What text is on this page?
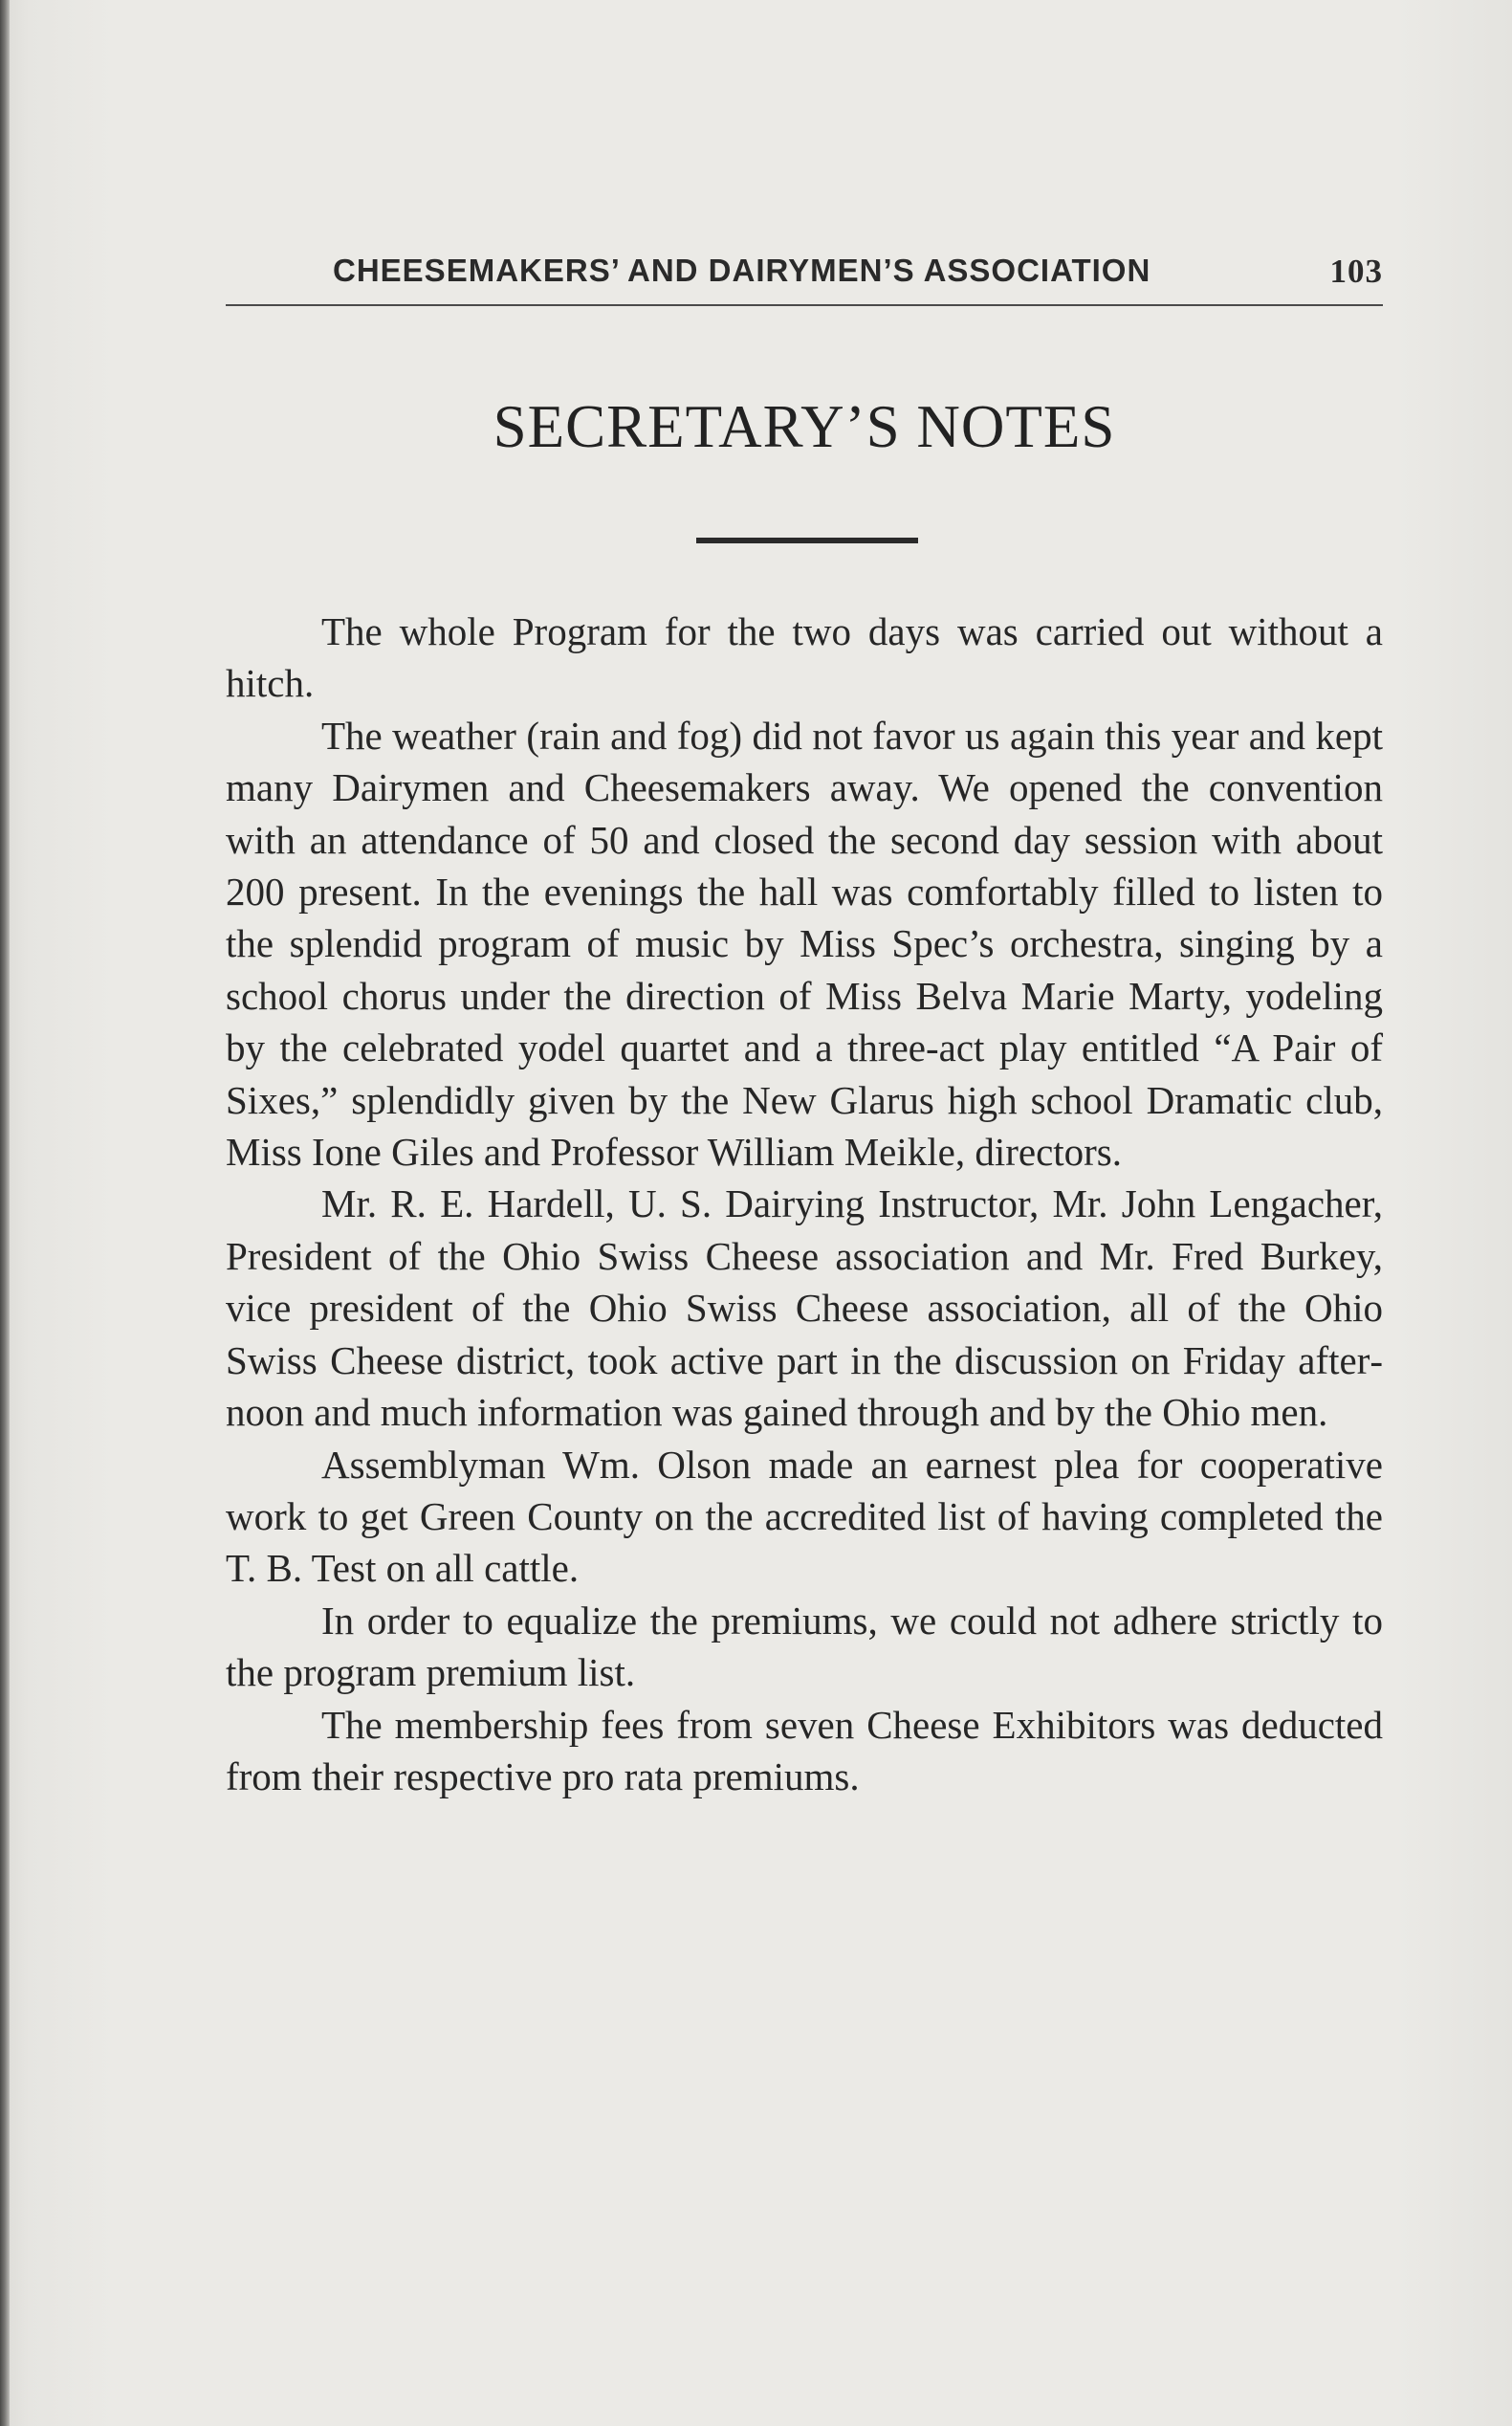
CHEESEMAKERS’ AND DAIRYMEN’S ASSOCIATION	103
SECRETARY’S NOTES

The whole Program for the two days was carried out without a hitch.

The weather (rain and fog) did not favor us again this year and kept many Dairymen and Cheesemakers away. We opened the convention with an attendance of 50 and closed the second day session with about 200 present. In the evenings the hall was comfortably filled to listen to the splendid program of music by Miss Spec’s orchestra, singing by a school chorus under the direction of Miss Belva Marie Marty, yodeling by the celebrated yodel quartet and a three-act play entitled “A Pair of Sixes,” splendidly given by the New Glarus high school Dramatic club, Miss Ione Giles and Professor William Meikle, directors.

Mr. R. E. Hardell, U. S. Dairying Instructor, Mr. John Lengacher, President of the Ohio Swiss Cheese association and Mr. Fred Burkey, vice president of the Ohio Swiss Cheese association, all of the Ohio Swiss Cheese district, took active part in the discussion on Friday afternoon and much information was gained through and by the Ohio men.

Assemblyman Wm. Olson made an earnest plea for cooperative work to get Green County on the accredited list of having completed the T. B. Test on all cattle.

In order to equalize the premiums, we could not adhere strictly to the program premium list.

The membership fees from seven Cheese Exhibitors was deducted from their respective pro rata premiums.
